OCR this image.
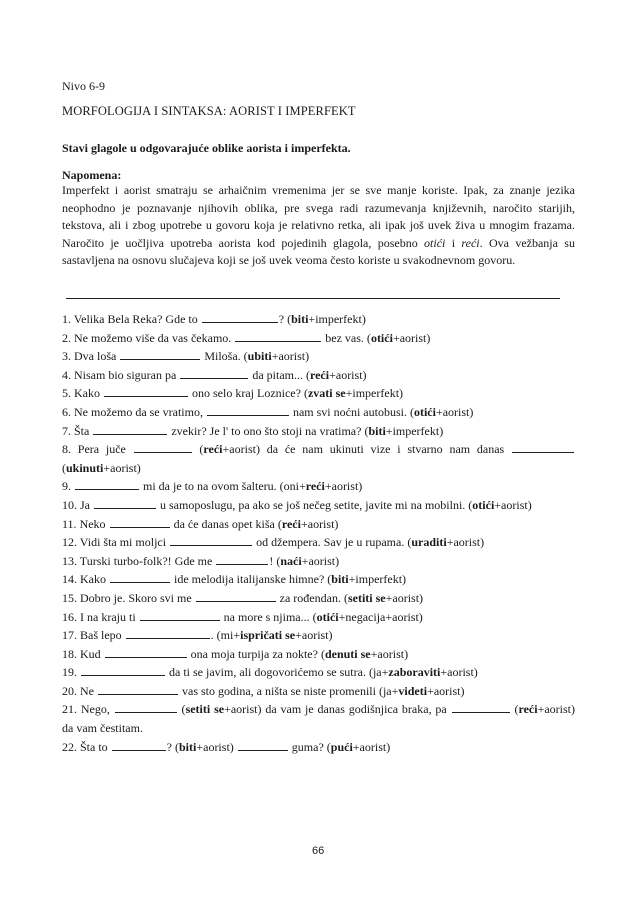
Nivo 6-9
MORFOLOGIJA I SINTAKSA: AORIST I IMPERFEKT
Stavi glagole u odgovarajuće oblike aorista i imperfekta.
Napomena:

Imperfekt i aorist smatraju se arhaičnim vremenima jer se sve manje koriste. Ipak, za znanje jezika neophodno je poznavanje njihovih oblika, pre svega radi razumevanja književnih, naročito starijih, tekstova, ali i zbog upotrebe u govoru koja je relativno retka, ali ipak još uvek živa u mnogim frazama. Naročito je uočljiva upotreba aorista kod pojedinih glagola, posebno otići i reći. Ova vežbanja su sastavljena na osnovu slučajeva koji se još uvek veoma često koriste u svakodnevnom govoru.

1. Velika Bela Reka? Gde to	? (biti+imperfekt)

2. Ne možemo više da vas čekamo.	bez vas. (otići+aorist)

3. Dva loša	Miloša. (ubiti+aorist)

4. Nisam bio siguran pa	da pitam... (reći+aorist)

5. Kako	ono selo kraj Loznice? (zvati se+imperfekt)

6. Ne možemo da se vratimo,	nam svi noćni autobusi. (otići+aorist)

7. Šta	zvekir? Je l' to ono što stoji na vratima? (biti+imperfekt)

8. Pera juče	(reći+aorist) da će nam ukinuti vize i stvarno nam danas  (ukinuti+aorist)

9.	mi da je to na ovom šalteru. (oni+reći+aorist)

10. Ja	u samoposlugu, pa ako se još nečeg setite, javite mi na mobilni. (otići+aorist)

11. Neko	da će danas opet kiša (reći+aorist)

12. Vidi šta mi moljci	od džempera. Sav je u rupama. (uraditi+aorist)

13. Turski turbo-folk?! Gde me	! (naći+aorist)

14. Kako	ide melodija italijanske himne? (biti+imperfekt)

15. Dobro je. Skoro svi me	za rođendan. (setiti se+aorist)

16. I na kraju ti	na more s njima... (otići+negacija+aorist)

17. Baš lepo	. (mi+ispričati se+aorist)

18. Kud	ona moja turpija za nokte? (denuti se+aorist)

19.	da ti se javim, ali dogovorićemo se sutra. (ja+zaboraviti+aorist)

20. Ne	vas sto godina, a ništa se niste promenili (ja+videti+aorist)

21. Nego,	(setiti se+aorist) da vam je danas godišnjica braka, pa	(reći+aorist) da vam čestitam.

22. Šta to	? (biti+aorist)	guma? (pući+aorist)

66
